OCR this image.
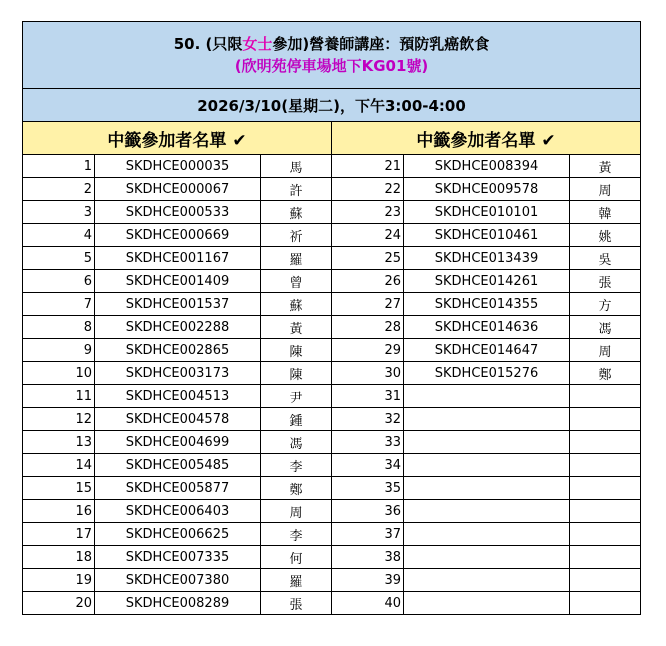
50. (只限女士參加)營養師講座：預防乳癌飲食
(欣明苑停車場地下KG01號)					

2026/3/10(星期二)，下午3:00-4:00					
中籤參加者名單 ✔			中籤參加者名單 ✔		
1	SKDHCE000035	馬	21	SKDHCE008394	黃
2	SKDHCE000067	許	22	SKDHCE009578	周
3	SKDHCE000533	蘇	23	SKDHCE010101	韓
4	SKDHCE000669	祈	24	SKDHCE010461	姚
5	SKDHCE001167	羅	25	SKDHCE013439	吳
6	SKDHCE001409	曾	26	SKDHCE014261	張
7	SKDHCE001537	蘇	27	SKDHCE014355	方
8	SKDHCE002288	黃	28	SKDHCE014636	馮
9	SKDHCE002865	陳	29	SKDHCE014647	周
10	SKDHCE003173	陳	30	SKDHCE015276	鄭
11	SKDHCE004513	尹	31		
12	SKDHCE004578	鍾	32		
13	SKDHCE004699	馮	33		
14	SKDHCE005485	李	34		
15	SKDHCE005877	鄭	35		
16	SKDHCE006403	周	36		
17	SKDHCE006625	李	37		
18	SKDHCE007335	何	38		
19	SKDHCE007380	羅	39		
20	SKDHCE008289	張	40		
